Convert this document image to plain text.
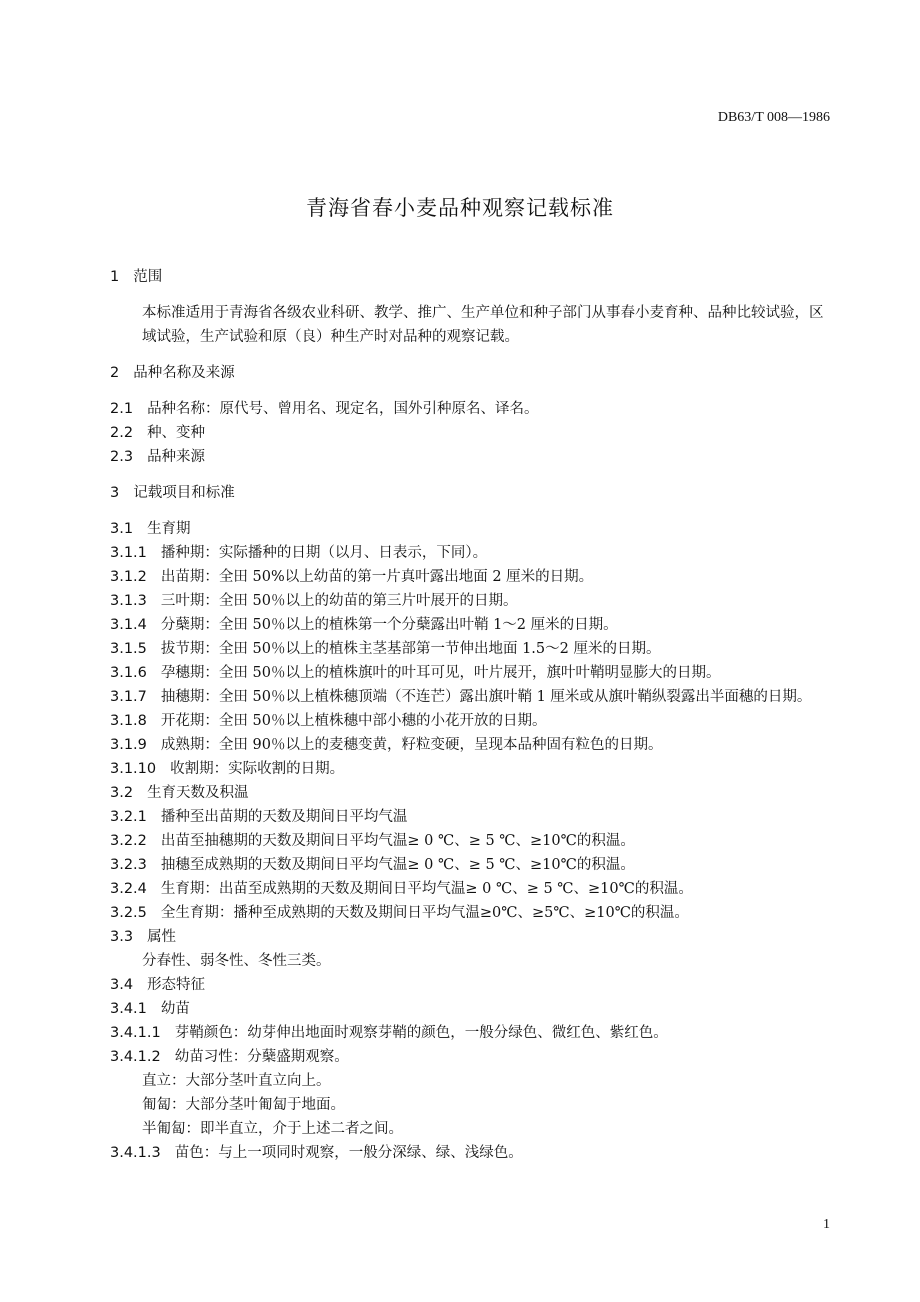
DB63/T 008—1986
青海省春小麦品种观察记载标准
1 范围
本标准适用于青海省各级农业科研、教学、推广、生产单位和种子部门从事春小麦育种、品种比较试验，区域试验，生产试验和原（良）种生产时对品种的观察记载。
2 品种名称及来源
2.1 品种名称：原代号、曾用名、现定名，国外引种原名、译名。
2.2 种、变种
2.3 品种来源
3 记载项目和标准
3.1 生育期
3.1.1 播种期：实际播种的日期（以月、日表示，下同）。
3.1.2 出苗期：全田 50%以上幼苗的第一片真叶露出地面 2 厘米的日期。
3.1.3 三叶期：全田 50％以上的幼苗的第三片叶展开的日期。
3.1.4 分蘖期：全田 50％以上的植株第一个分蘖露出叶鞘 1～2 厘米的日期。
3.1.5 拔节期：全田 50％以上的植株主茎基部第一节伸出地面 1.5～2 厘米的日期。
3.1.6 孕穗期：全田 50％以上的植株旗叶的叶耳可见，叶片展开，旗叶叶鞘明显膨大的日期。
3.1.7 抽穗期：全田 50％以上植株穗顶端（不连芒）露出旗叶鞘 1 厘米或从旗叶鞘纵裂露出半面穗的日期。
3.1.8 开花期：全田 50％以上植株穗中部小穗的小花开放的日期。
3.1.9 成熟期：全田 90％以上的麦穗变黄，籽粒变硬，呈现本品种固有粒色的日期。
3.1.10 收割期：实际收割的日期。
3.2 生育天数及积温
3.2.1 播种至出苗期的天数及期间日平均气温
3.2.2 出苗至抽穗期的天数及期间日平均气温≥ 0 ℃、≥ 5 ℃、≥10℃的积温。
3.2.3 抽穗至成熟期的天数及期间日平均气温≥ 0 ℃、≥ 5 ℃、≥10℃的积温。
3.2.4 生育期：出苗至成熟期的天数及期间日平均气温≥ 0 ℃、≥ 5 ℃、≥10℃的积温。
3.2.5 全生育期：播种至成熟期的天数及期间日平均气温≥0℃、≥5℃、≥10℃的积温。
3.3 属性
分春性、弱冬性、冬性三类。
3.4 形态特征
3.4.1 幼苗
3.4.1.1 芽鞘颜色：幼芽伸出地面时观察芽鞘的颜色，一般分绿色、微红色、紫红色。
3.4.1.2 幼苗习性：分蘖盛期观察。
直立：大部分茎叶直立向上。
匍匐：大部分茎叶匍匐于地面。
半匍匐：即半直立，介于上述二者之间。
3.4.1.3 苗色：与上一项同时观察，一般分深绿、绿、浅绿色。
1
